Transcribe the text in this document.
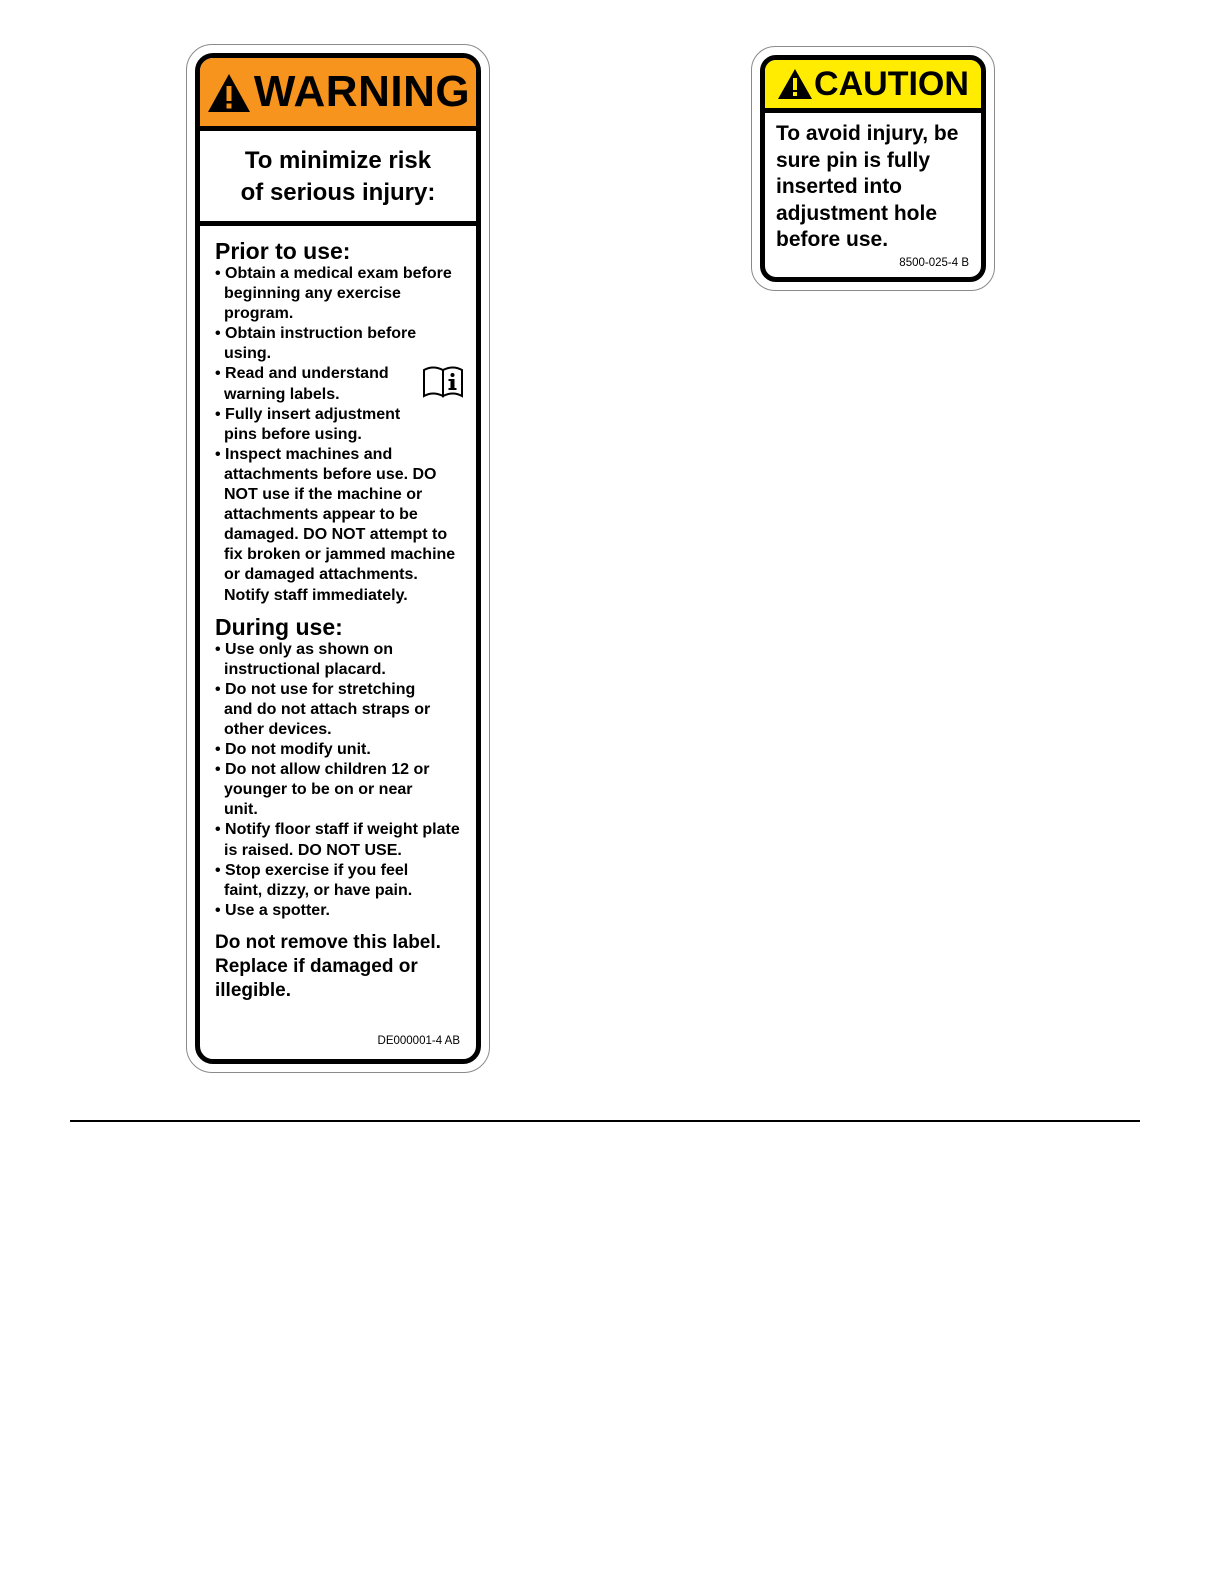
WARNING
To minimize risk
of serious injury:
Prior to use:
• Obtain a medical exam before beginning any exercise program.
• Obtain instruction before using.
• Read and understand warning labels.
• Fully insert adjustment pins before using.
• Inspect machines and attachments before use. DO NOT use if the machine or attachments appear to be damaged. DO NOT attempt to fix broken or jammed machine or damaged attachments. Notify staff immediately.
During use:
• Use only as shown on instructional placard.
• Do not use for stretching and do not attach straps or other devices.
• Do not modify unit.
• Do not allow children 12 or younger to be on or near unit.
• Notify floor staff if weight plate is raised. DO NOT USE.
• Stop exercise if you feel faint, dizzy, or have pain.
• Use a spotter.
Do not remove this label.
Replace if damaged or
illegible.
DE000001-4 AB
CAUTION
To avoid injury, be
sure pin is fully
inserted into
adjustment hole
before use.
8500-025-4 B
